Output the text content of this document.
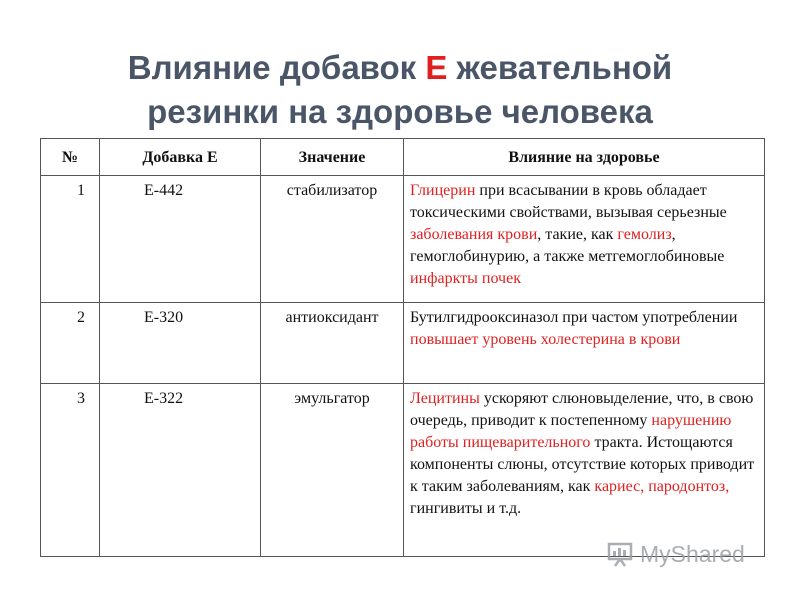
Влияние добавок Е жевательной
резинки на здоровье человека
№	Добавка Е	Значение	Влияние на здоровье
1	Е-442	стабилизатор	Глицерин при всасывании в кровь обладает токсическими свойствами, вызывая серьезные заболевания крови, такие, как гемолиз, гемоглобинурию, а также метгемоглобиновые инфаркты почек
2	Е-320	антиоксидант	Бутилгидрооксиназол при частом употреблении повышает уровень холестерина в крови
3	Е-322	эмульгатор	Лецитины ускоряют слюновыделение, что, в свою очередь, приводит к постепенному нарушению работы пищеварительного тракта. Истощаются компоненты слюны, отсутствие которых приводит к таким заболеваниям, как кариес, пародонтоз, гингивиты и т.д.
MyShared
